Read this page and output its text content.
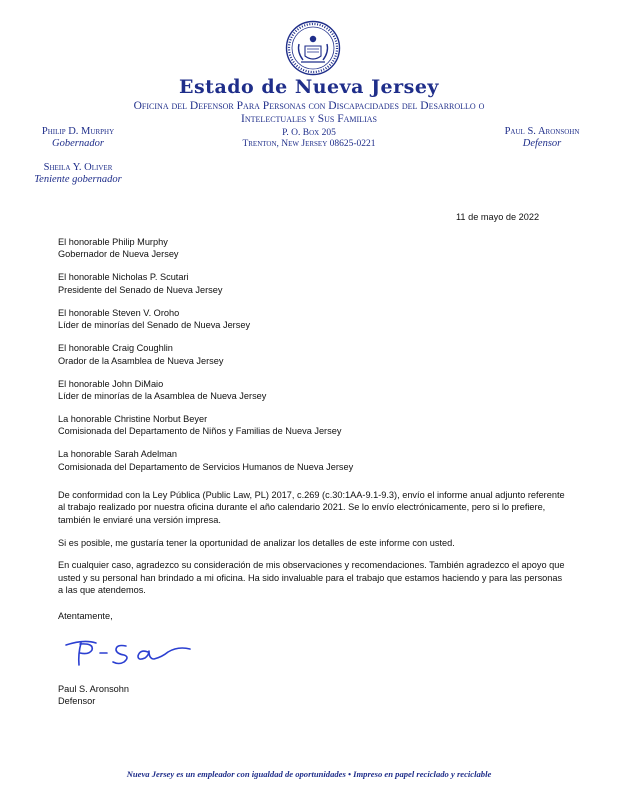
Estado de Nueva Jersey
Oficina del Defensor Para Personas con Discapacidades del Desarrollo o
Intelectuales y Sus Familias
P. O. Box 205
Trenton, New Jersey 08625-0221
Philip D. Murphy
Gobernador
Sheila Y. Oliver
Teniente gobernador
Paul S. Aronsohn
Defensor
11 de mayo de 2022
El honorable Philip Murphy
Gobernador de Nueva Jersey
El honorable Nicholas P. Scutari
Presidente del Senado de Nueva Jersey
El honorable Steven V. Oroho
Líder de minorías del Senado de Nueva Jersey
El honorable Craig Coughlin
Orador de la Asamblea de Nueva Jersey
El honorable John DiMaio
Líder de minorías de la Asamblea de Nueva Jersey
La honorable Christine Norbut Beyer
Comisionada del Departamento de Niños y Familias de Nueva Jersey
La honorable Sarah Adelman
Comisionada del Departamento de Servicios Humanos de Nueva Jersey

De conformidad con la Ley Pública (Public Law, PL) 2017, c.269 (c.30:1AA-9.1-9.3), envío el informe anual adjunto referente al trabajo realizado por nuestra oficina durante el año calendario 2021. Se lo envío electrónicamente, pero si lo prefiere, también le enviaré una versión impresa.

Si es posible, me gustaría tener la oportunidad de analizar los detalles de este informe con usted.

En cualquier caso, agradezco su consideración de mis observaciones y recomendaciones. También agradezco el apoyo que usted y su personal han brindado a mi oficina. Ha sido invaluable para el trabajo que estamos haciendo y para las personas a las que atendemos.

Atentamente,
Paul S. Aronsohn
Defensor
Nueva Jersey es un empleador con igualdad de oportunidades • Impreso en papel reciclado y reciclable
